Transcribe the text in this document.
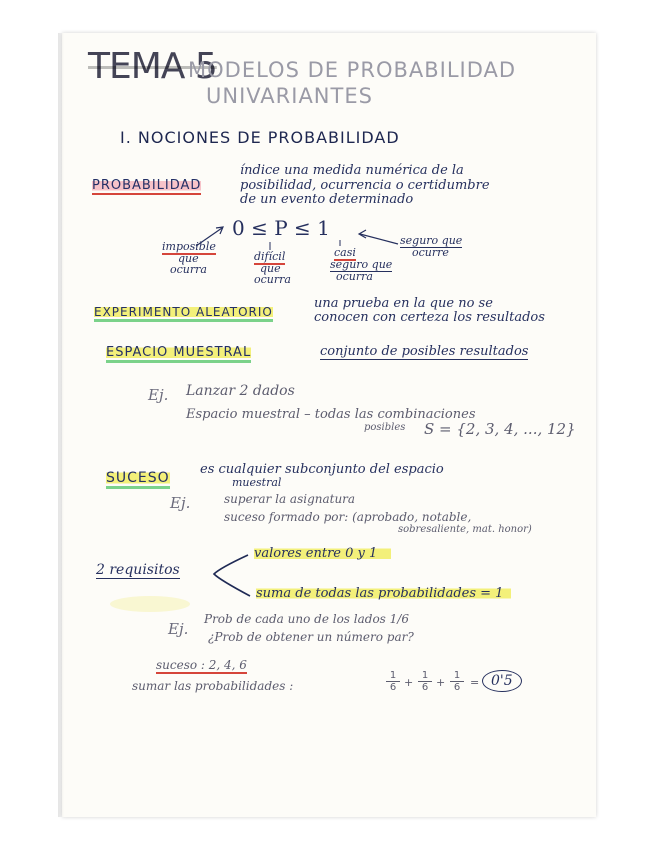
TEMA 5
MODELOS DE PROBABILIDAD
UNIVARIANTES
I. NOCIONES DE PROBABILIDAD
PROBABILIDAD
índice una medida numérica de la
posibilidad, ocurrencia o certidumbre
de un evento determinado
0 ≤ P ≤ 1
imposible
que
ocurra
difícil
que
ocurra
casi
seguro que
ocurra
seguro que
ocurre
EXPERIMENTO ALEATORIO
una prueba en la que no se
conocen con certeza los resultados
ESPACIO MUESTRAL	conjunto de posibles resultados
Ej. Lanzar 2 dados
Espacio muestral – todas las combinaciones
posibles S = {2, 3, 4, ..., 12}
SUCESO
es cualquier subconjunto del espacio
muestral
Ej.	superar la asignatura
suceso formado por: (aprobado, notable,
sobresaliente, mat. honor)
2 requisitos
valores entre 0 y 1
suma de todas las probabilidades = 1
Ej.
Prob de cada uno de los lados 1/6
¿Prob de obtener un número par?
suceso : 2, 4, 6
sumar las probabilidades :	$\frac{1}{6} + \frac{1}{6} + \frac{1}{6} = 0'5$
